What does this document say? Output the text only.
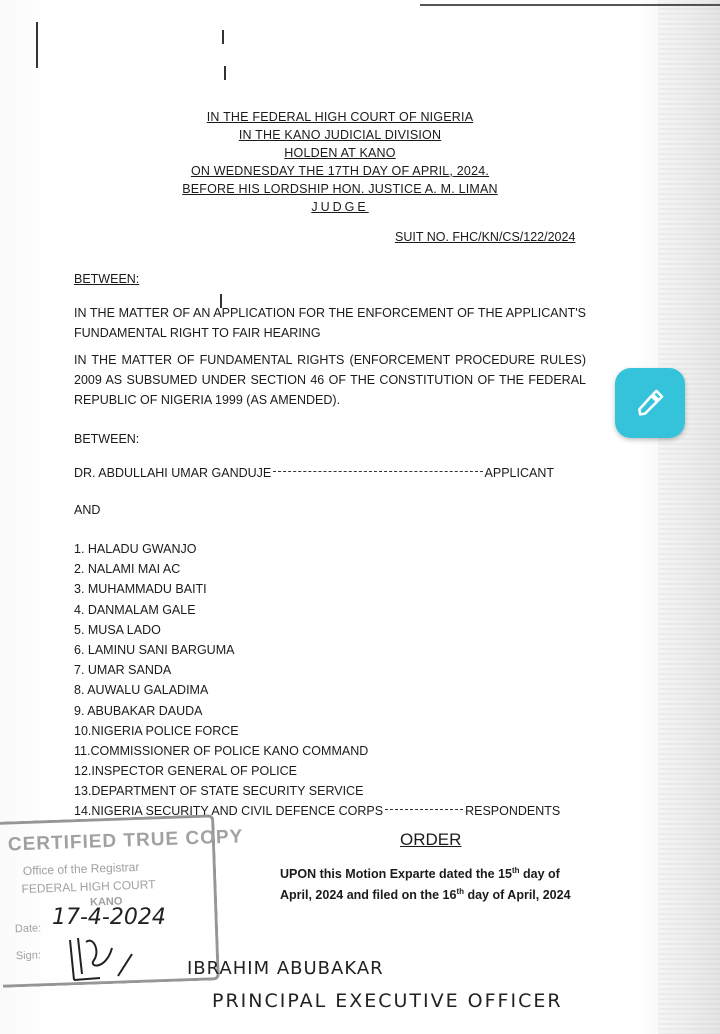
IN THE FEDERAL HIGH COURT OF NIGERIA
IN THE KANO JUDICIAL DIVISION
HOLDEN AT KANO
ON WEDNESDAY THE 17TH DAY OF APRIL, 2024.
BEFORE HIS LORDSHIP HON. JUSTICE A. M. LIMAN
JUDGE
SUIT NO. FHC/KN/CS/122/2024
BETWEEN:
IN THE MATTER OF AN APPLICATION FOR THE ENFORCEMENT OF THE APPLICANT'S FUNDAMENTAL RIGHT TO FAIR HEARING
IN THE MATTER OF FUNDAMENTAL RIGHTS (ENFORCEMENT PROCEDURE RULES) 2009 AS SUBSUMED UNDER SECTION 46 OF THE CONSTITUTION OF THE FEDERAL REPUBLIC OF NIGERIA 1999 (AS AMENDED).
BETWEEN:
DR. ABDULLAHI UMAR GANDUJE	APPLICANT
AND
1. HALADU GWANJO
2. NALAMI MAI AC
3. MUHAMMADU BAITI
4. DANMALAM GALE
5. MUSA LADO
6. LAMINU SANI BARGUMA
7. UMAR SANDA
8. AUWALU GALADIMA
9. ABUBAKAR DAUDA
10.NIGERIA POLICE FORCE
11.COMMISSIONER OF POLICE KANO COMMAND
12.INSPECTOR GENERAL OF POLICE
13.DEPARTMENT OF STATE SECURITY SERVICE
14.NIGERIA SECURITY AND CIVIL DEFENCE CORPS	RESPONDENTS
ORDER
UPON this Motion Exparte dated the 15th day of April, 2024 and filed on the 16th day of April, 2024
CERTIFIED TRUE COPY
Office of the Registrar
FEDERAL HIGH COURT
KANO
Date:
Sign:
17-4-2024
IBRAHIM ABUBAKAR
PRINCIPAL EXECUTIVE OFFICER
